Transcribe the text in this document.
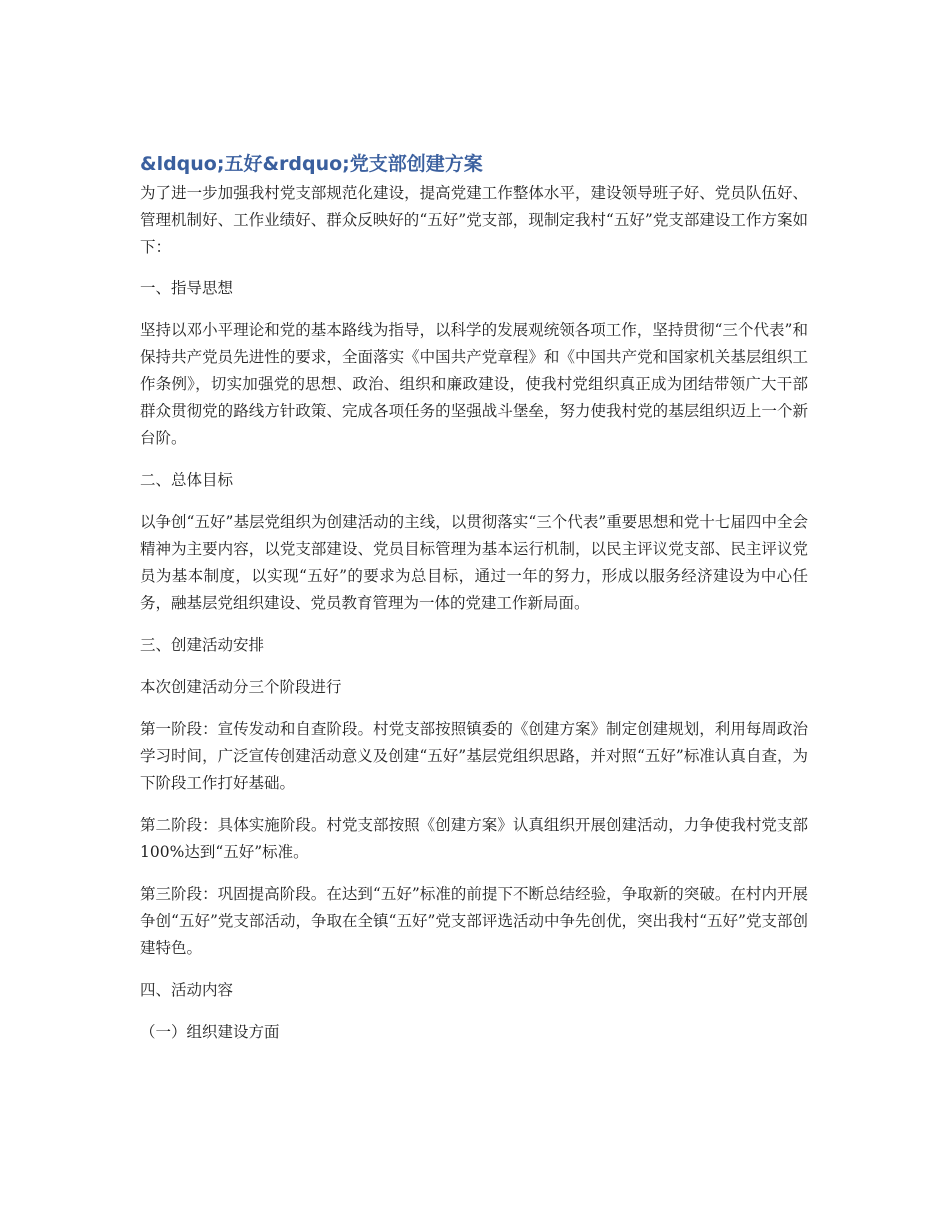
&ldquo;五好&rdquo;党支部创建方案
为了进一步加强我村党支部规范化建设，提高党建工作整体水平，建设领导班子好、党员队伍好、管理机制好、工作业绩好、群众反映好的“五好”党支部，现制定我村“五好”党支部建设工作方案如下：
一、指导思想
坚持以邓小平理论和党的基本路线为指导，以科学的发展观统领各项工作，坚持贯彻“三个代表”和保持共产党员先进性的要求，全面落实《中国共产党章程》和《中国共产党和国家机关基层组织工作条例》，切实加强党的思想、政治、组织和廉政建设，使我村党组织真正成为团结带领广大干部群众贯彻党的路线方针政策、完成各项任务的坚强战斗堡垒，努力使我村党的基层组织迈上一个新台阶。
二、总体目标
以争创“五好”基层党组织为创建活动的主线，以贯彻落实“三个代表”重要思想和党十七届四中全会精神为主要内容，以党支部建设、党员目标管理为基本运行机制，以民主评议党支部、民主评议党员为基本制度，以实现“五好”的要求为总目标，通过一年的努力，形成以服务经济建设为中心任务，融基层党组织建设、党员教育管理为一体的党建工作新局面。
三、创建活动安排
本次创建活动分三个阶段进行
第一阶段：宣传发动和自查阶段。村党支部按照镇委的《创建方案》制定创建规划，利用每周政治学习时间，广泛宣传创建活动意义及创建“五好”基层党组织思路，并对照“五好”标准认真自查，为下阶段工作打好基础。
第二阶段：具体实施阶段。村党支部按照《创建方案》认真组织开展创建活动，力争使我村党支部100%达到“五好”标准。
第三阶段：巩固提高阶段。在达到“五好”标准的前提下不断总结经验，争取新的突破。在村内开展争创“五好”党支部活动，争取在全镇“五好”党支部评选活动中争先创优，突出我村“五好”党支部创建特色。
四、活动内容
（一）组织建设方面
